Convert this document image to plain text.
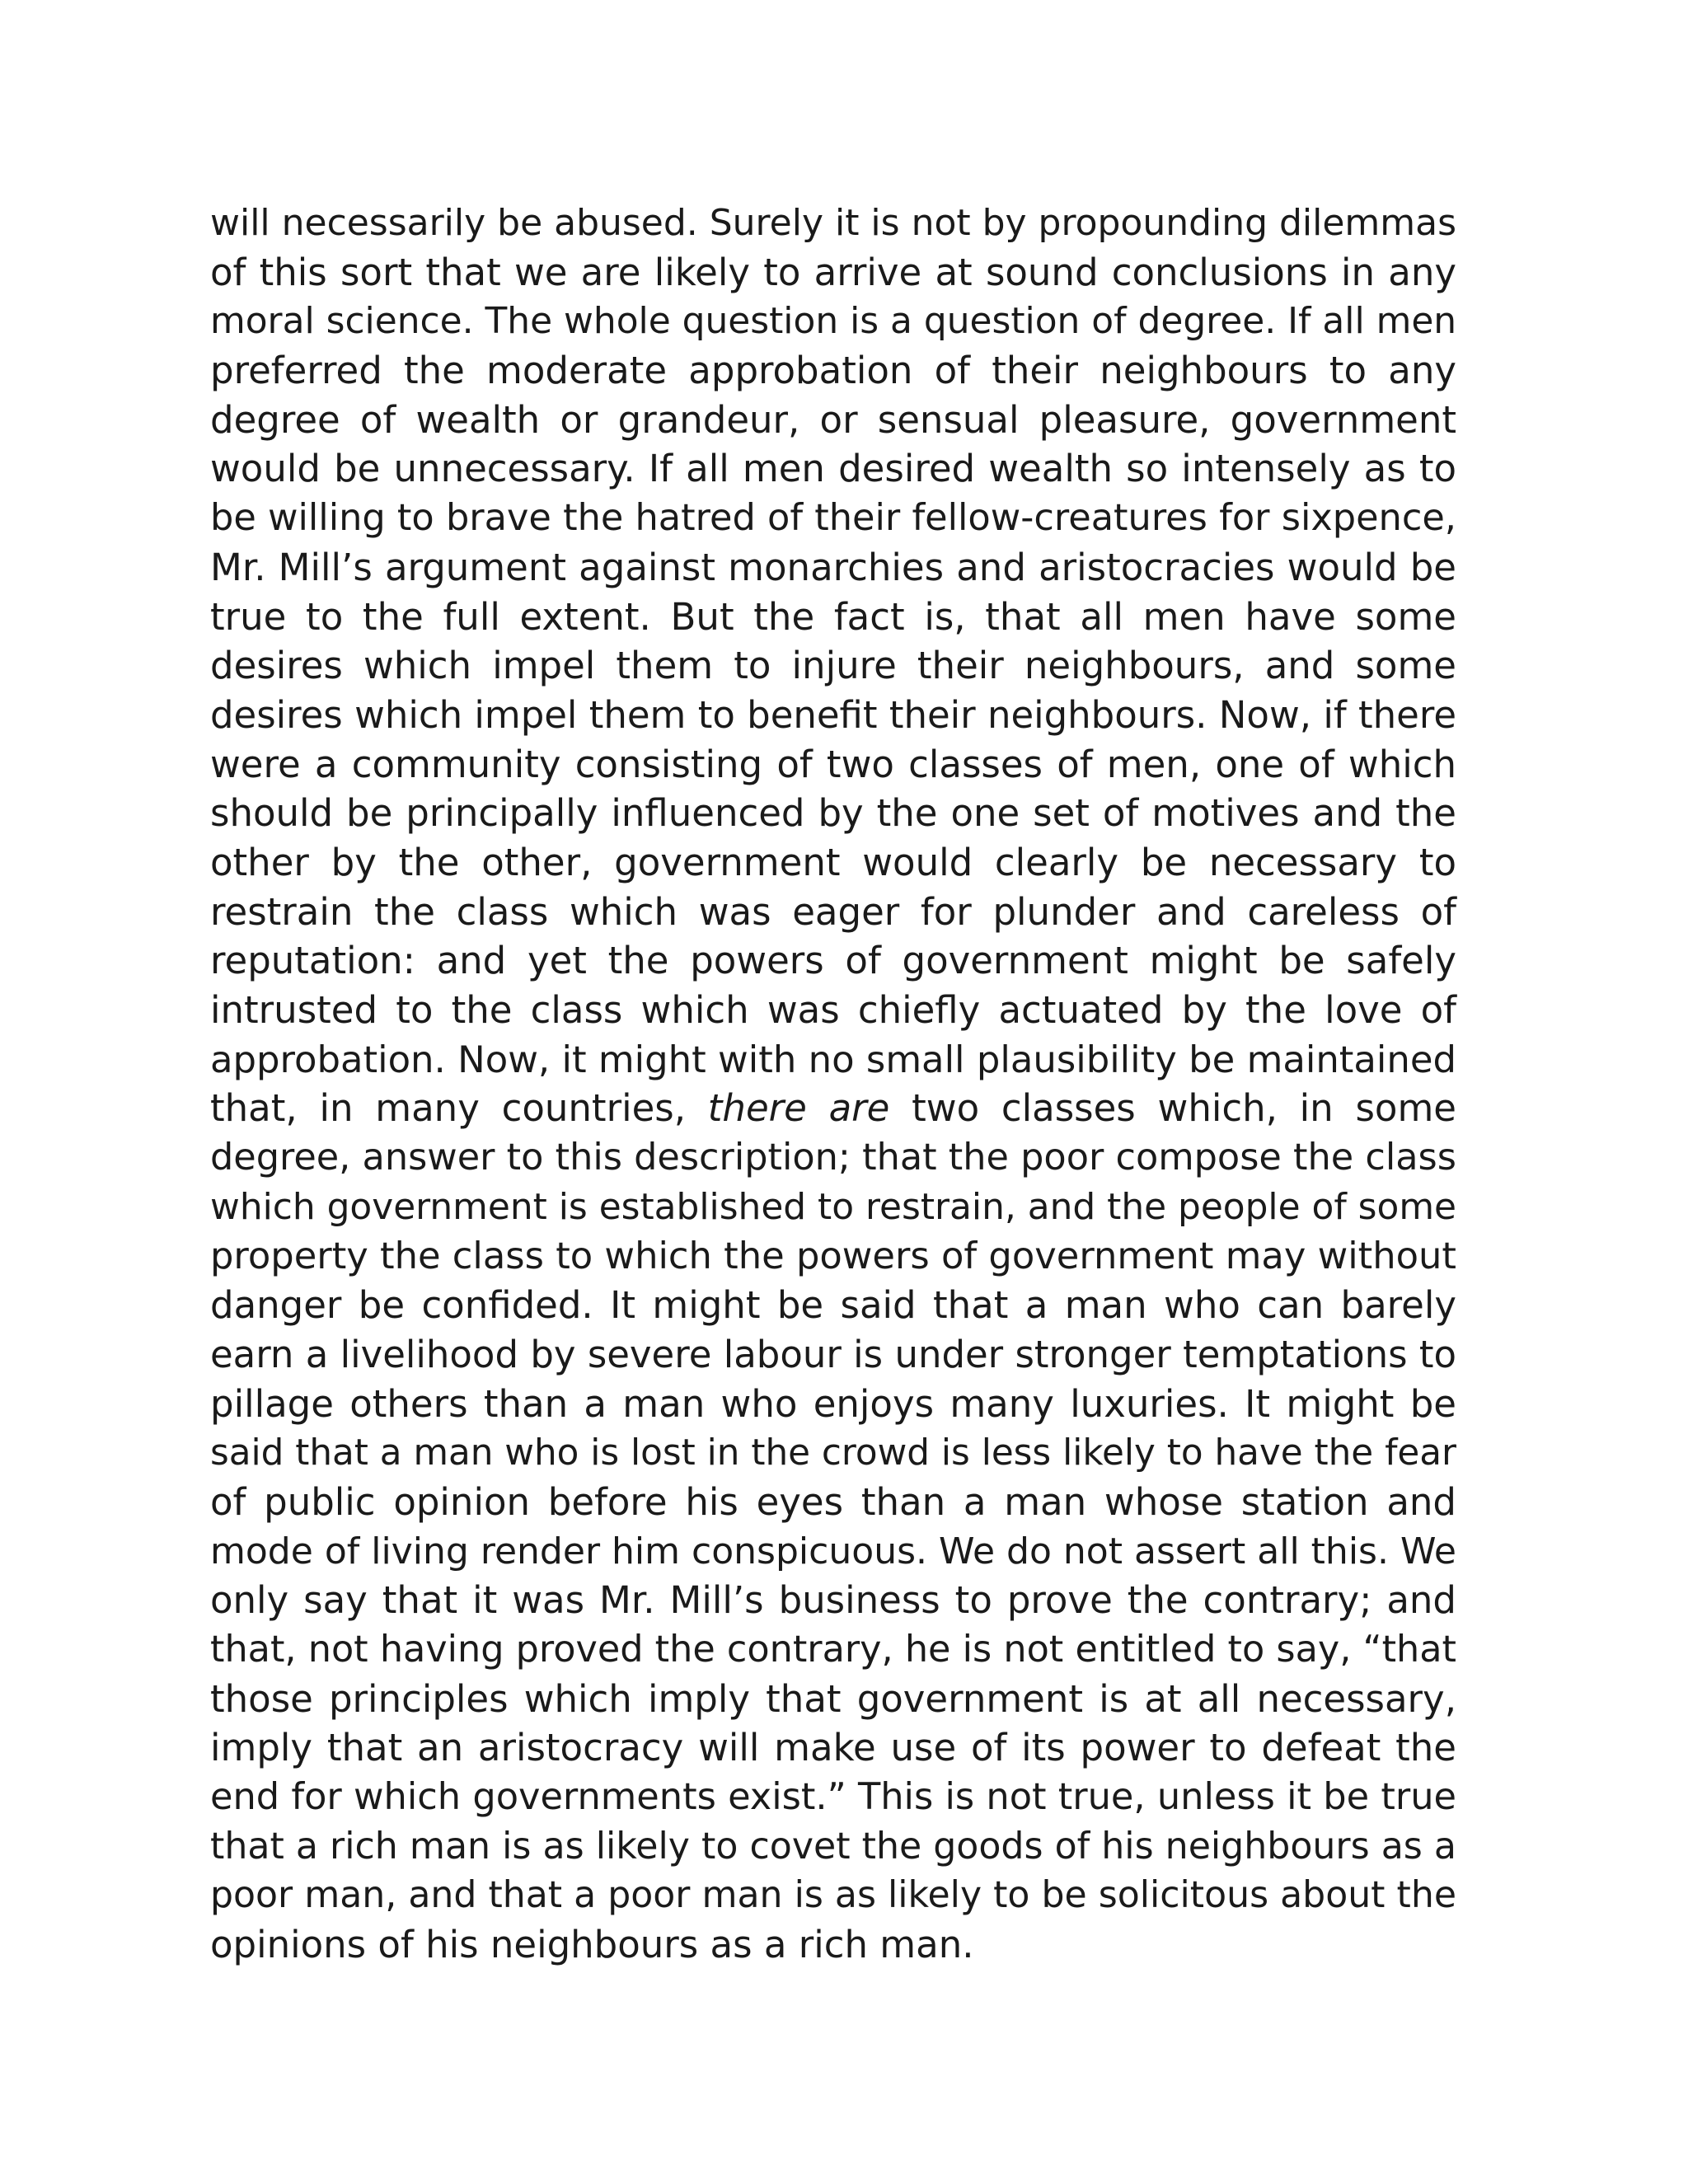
will necessarily be abused. Surely it is not by propounding dilemmas
of this sort that we are likely to arrive at sound conclusions in any
moral science. The whole question is a question of degree. If all men
preferred the moderate approbation of their neighbours to any
degree of wealth or grandeur, or sensual pleasure, government
would be unnecessary. If all men desired wealth so intensely as to
be willing to brave the hatred of their fellow-creatures for sixpence,
Mr. Mill’s argument against monarchies and aristocracies would be
true to the full extent. But the fact is, that all men have some
desires which impel them to injure their neighbours, and some
desires which impel them to benefit their neighbours. Now, if there
were a community consisting of two classes of men, one of which
should be principally influenced by the one set of motives and the
other by the other, government would clearly be necessary to
restrain the class which was eager for plunder and careless of
reputation: and yet the powers of government might be safely
intrusted to the class which was chiefly actuated by the love of
approbation. Now, it might with no small plausibility be maintained
that, in many countries, there are two classes which, in some
degree, answer to this description; that the poor compose the class
which government is established to restrain, and the people of some
property the class to which the powers of government may without
danger be confided. It might be said that a man who can barely
earn a livelihood by severe labour is under stronger temptations to
pillage others than a man who enjoys many luxuries. It might be
said that a man who is lost in the crowd is less likely to have the fear
of public opinion before his eyes than a man whose station and
mode of living render him conspicuous. We do not assert all this. We
only say that it was Mr. Mill’s business to prove the contrary; and
that, not having proved the contrary, he is not entitled to say, “that
those principles which imply that government is at all necessary,
imply that an aristocracy will make use of its power to defeat the
end for which governments exist.” This is not true, unless it be true
that a rich man is as likely to covet the goods of his neighbours as a
poor man, and that a poor man is as likely to be solicitous about the
opinions of his neighbours as a rich man.
